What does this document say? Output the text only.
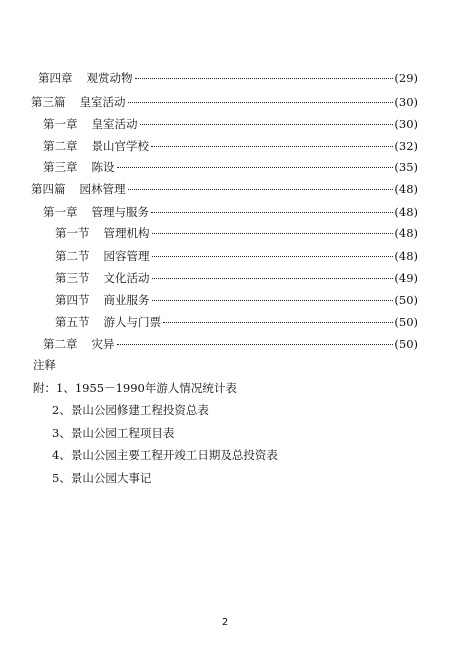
第四章 观赏动物	(29)
第三篇 皇室活动	(30)
第一章 皇室活动	(30)
第二章 景山官学校	(32)
第三章 陈设	(35)
第四篇 园林管理	(48)
第一章 管理与服务	(48)
第一节 管理机构	(48)
第二节 园容管理	(48)
第三节 文化活动	(49)
第四节 商业服务	(50)
第五节 游人与门票	(50)
第二章 灾异	(50)
注释
附：1、1955－1990年游人情况统计表
2、景山公园修建工程投资总表
3、景山公园工程项目表
4、景山公园主要工程开竣工日期及总投资表
5、景山公园大事记
2
